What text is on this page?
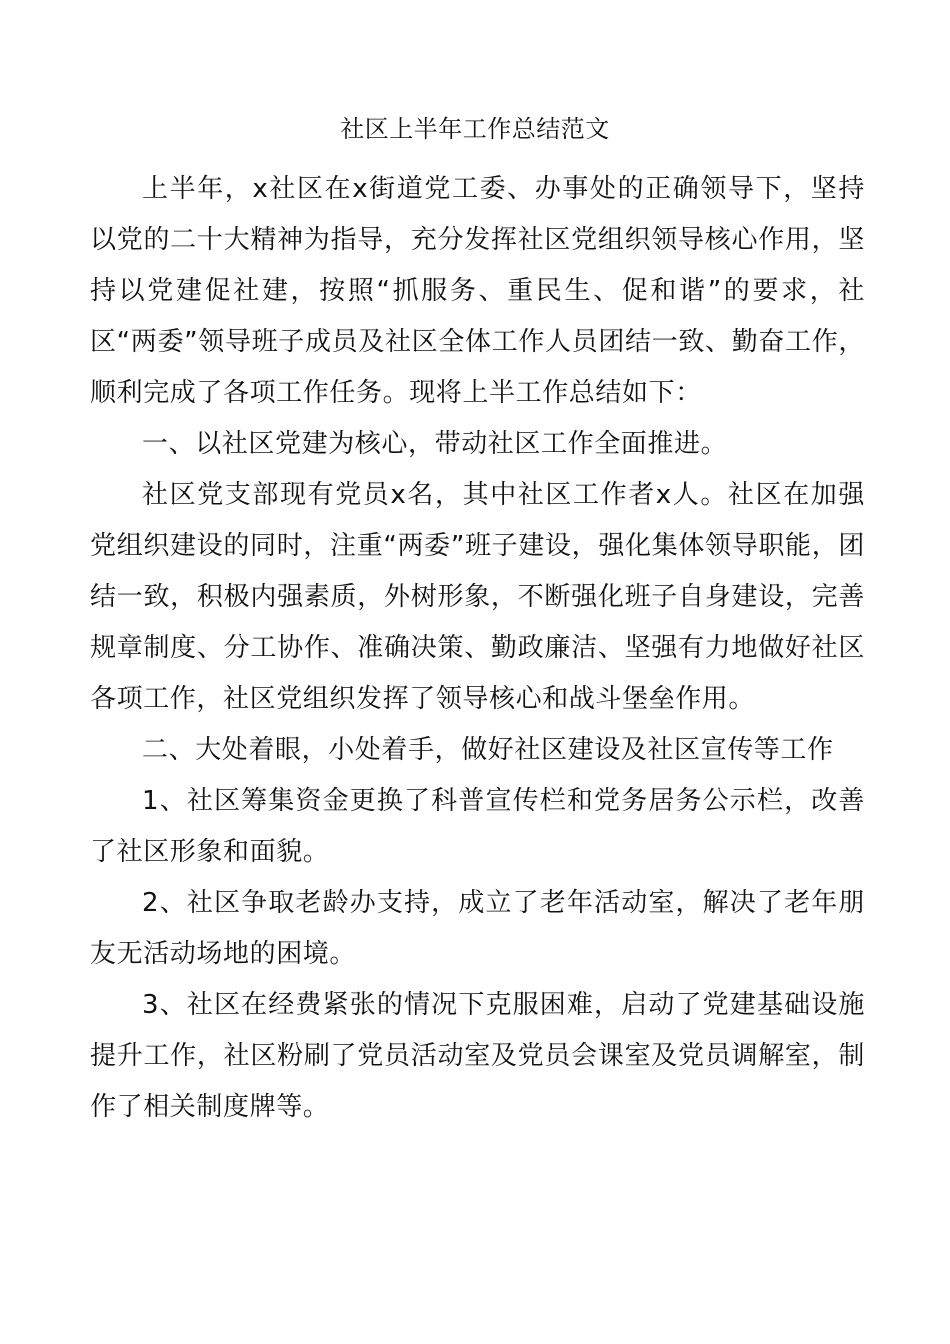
社区上半年工作总结范文

上半年，x社区在x街道党工委、办事处的正确领导下，坚持以党的二十大精神为指导，充分发挥社区党组织领导核心作用，坚持以党建促社建，按照“抓服务、重民生、促和谐”的要求，社区“两委”领导班子成员及社区全体工作人员团结一致、勤奋工作，顺利完成了各项工作任务。现将上半工作总结如下：

一、以社区党建为核心，带动社区工作全面推进。

社区党支部现有党员x名，其中社区工作者x人。社区在加强党组织建设的同时，注重“两委”班子建设，强化集体领导职能，团结一致，积极内强素质，外树形象，不断强化班子自身建设，完善规章制度、分工协作、准确决策、勤政廉洁、坚强有力地做好社区各项工作，社区党组织发挥了领导核心和战斗堡垒作用。

二、大处着眼，小处着手，做好社区建设及社区宣传等工作

1、社区筹集资金更换了科普宣传栏和党务居务公示栏，改善了社区形象和面貌。

2、社区争取老龄办支持，成立了老年活动室，解决了老年朋友无活动场地的困境。

3、社区在经费紧张的情况下克服困难，启动了党建基础设施提升工作，社区粉刷了党员活动室及党员会课室及党员调解室，制作了相关制度牌等。
